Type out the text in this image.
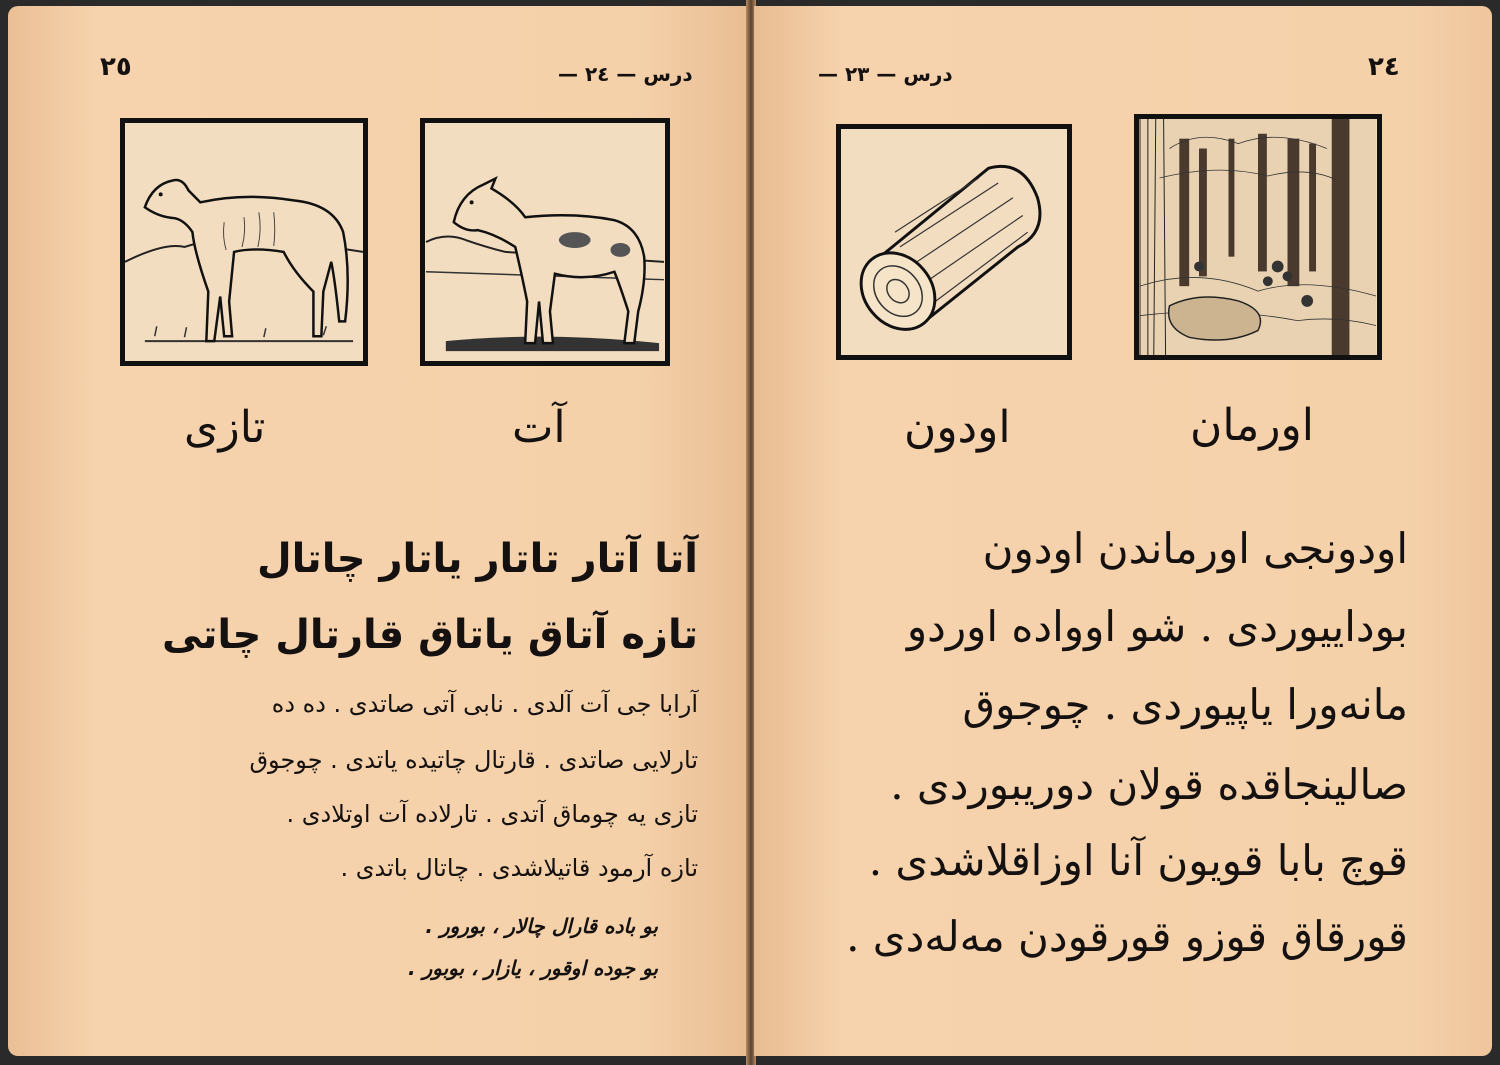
٢٥	درس — ٢٤ —
تازی	آت
آتا آتار تاتار یاتار چاتال
تازه آتاق یاتاق قارتال چاتی
آرابا جی آت آلدی . نابی آتی صاتدی . ده ده
تارلایی صاتدی . قارتال چاتیده یاتدی . چوجوق
تازی یه چوماق آتدی . تارلاده آت اوتلادی .
تازه آرمود قاتیلاشدی . چاتال باتدی .
بو باده قارال چالار ، بورور .
بو جوده اوقور ، یازار ، بوبور .
٢٤
درس — ٢٣ —
اودون	اورمان
اودونجی اورماندن اودون
بوداییوردی . شو اوواده اوردو
مانه‌ورا یاپیوردی . چوجوق
صالینجاقده قولان دوریبوردی .
قوچ بابا قویون آنا اوزاقلاشدی .
قورقاق قوزو قورقودن مه‌له‌دی .
